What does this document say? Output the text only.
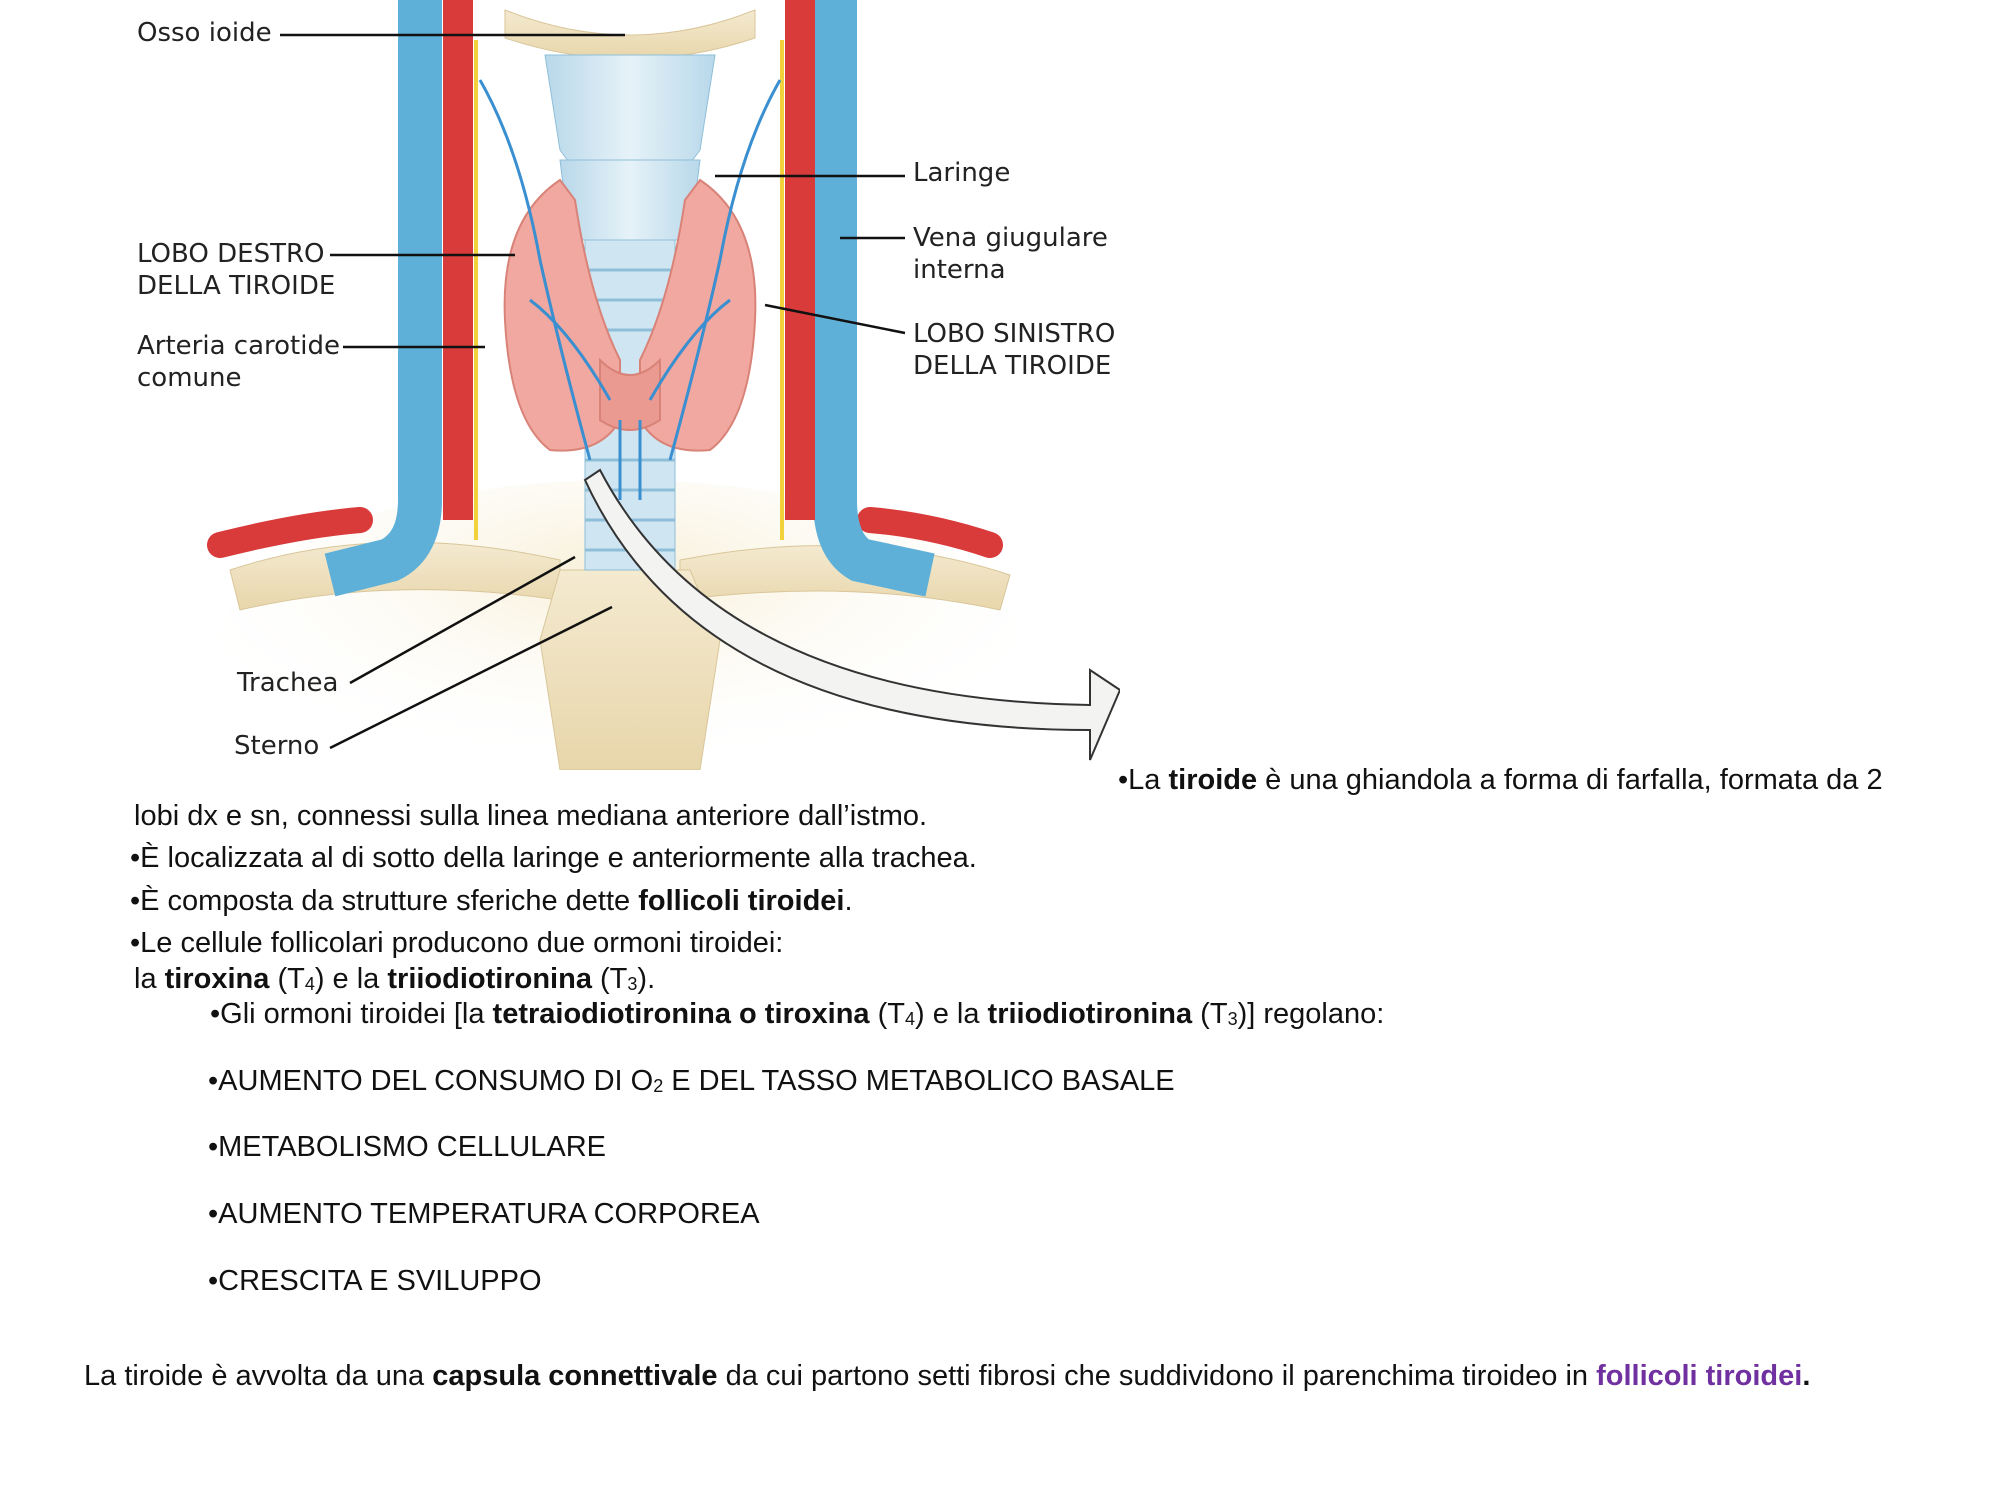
Osso ioide
Laringe
LOBO DESTRO
DELLA TIROIDE
Vena giugulare
interna
Arteria carotide
comune
LOBO SINISTRO
DELLA TIROIDE
Trachea
Sterno
•La tiroide è una ghiandola a forma di farfalla, formata da 2
lobi dx e sn, connessi sulla linea mediana anteriore dall’istmo.
•È localizzata al di sotto della laringe e anteriormente alla trachea.
•È composta da strutture sferiche dette follicoli tiroidei.
•Le cellule follicolari producono due ormoni tiroidei:
la tiroxina $(T_4)$ e la triiodiotironina $(T_3)$.
•Gli ormoni tiroidei [la tetraiodiotironina o tiroxina $(T_4)$ e la triiodiotironina $(T_3)$] regolano:
•AUMENTO DEL CONSUMO DI $O_2$ E DEL TASSO METABOLICO BASALE
•METABOLISMO CELLULARE
•AUMENTO TEMPERATURA CORPOREA
•CRESCITA E SVILUPPO
La tiroide è avvolta da una capsula connettivale da cui partono setti fibrosi che suddividono il parenchima tiroideo in follicoli tiroidei.
